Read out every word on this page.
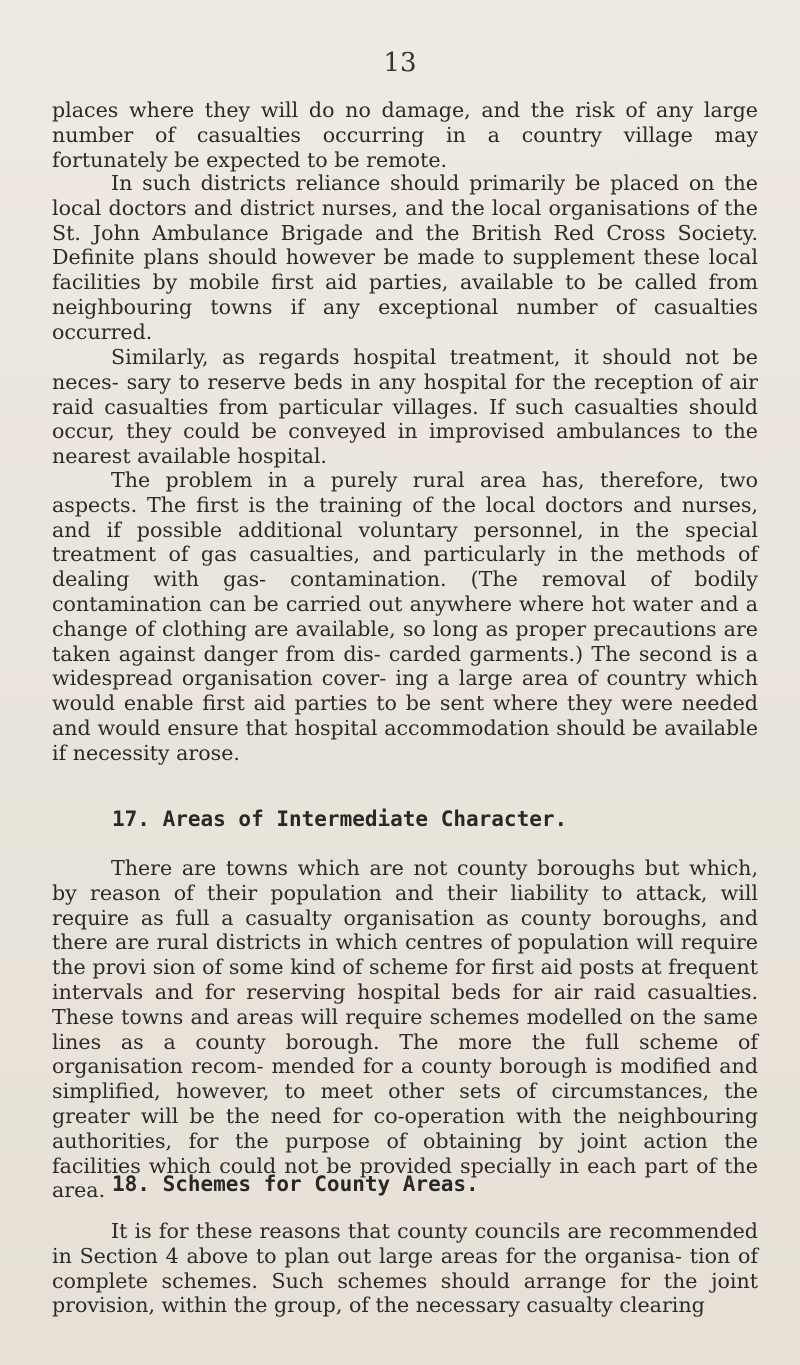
13

places where they will do no damage, and the risk of any large number of casualties occurring in a country village may fortunately be expected to be remote.

In such districts reliance should primarily be placed on the local doctors and district nurses, and the local organisations of the St. John Ambulance Brigade and the British Red Cross Society. Definite plans should however be made to supplement these local facilities by mobile first aid parties, available to be called from neighbouring towns if any exceptional number of casualties occurred.

Similarly, as regards hospital treatment, it should not be neces- sary to reserve beds in any hospital for the reception of air raid casualties from particular villages. If such casualties should occur, they could be conveyed in improvised ambulances to the nearest available hospital.

The problem in a purely rural area has, therefore, two aspects. The first is the training of the local doctors and nurses, and if possible additional voluntary personnel, in the special treatment of gas casualties, and particularly in the methods of dealing with gas- contamination. (The removal of bodily contamination can be carried out anywhere where hot water and a change of clothing are available, so long as proper precautions are taken against danger from dis- carded garments.) The second is a widespread organisation cover- ing a large area of country which would enable first aid parties to be sent where they were needed and would ensure that hospital accommodation should be available if necessity arose.

17. Areas of Intermediate Character.

There are towns which are not county boroughs but which, by reason of their population and their liability to attack, will require as full a casualty organisation as county boroughs, and there are rural districts in which centres of population will require the provi sion of some kind of scheme for first aid posts at frequent intervals and for reserving hospital beds for air raid casualties. These towns and areas will require schemes modelled on the same lines as a county borough. The more the full scheme of organisation recom- mended for a county borough is modified and simplified, however, to meet other sets of circumstances, the greater will be the need for co-operation with the neighbouring authorities, for the purpose of obtaining by joint action the facilities which could not be provided specially in each part of the area. 18. Schemes for County Areas.

It is for these reasons that county councils are recommended in Section 4 above to plan out large areas for the organisa- tion of complete schemes. Such schemes should arrange for the joint provision, within the group, of the necessary casualty clearing
